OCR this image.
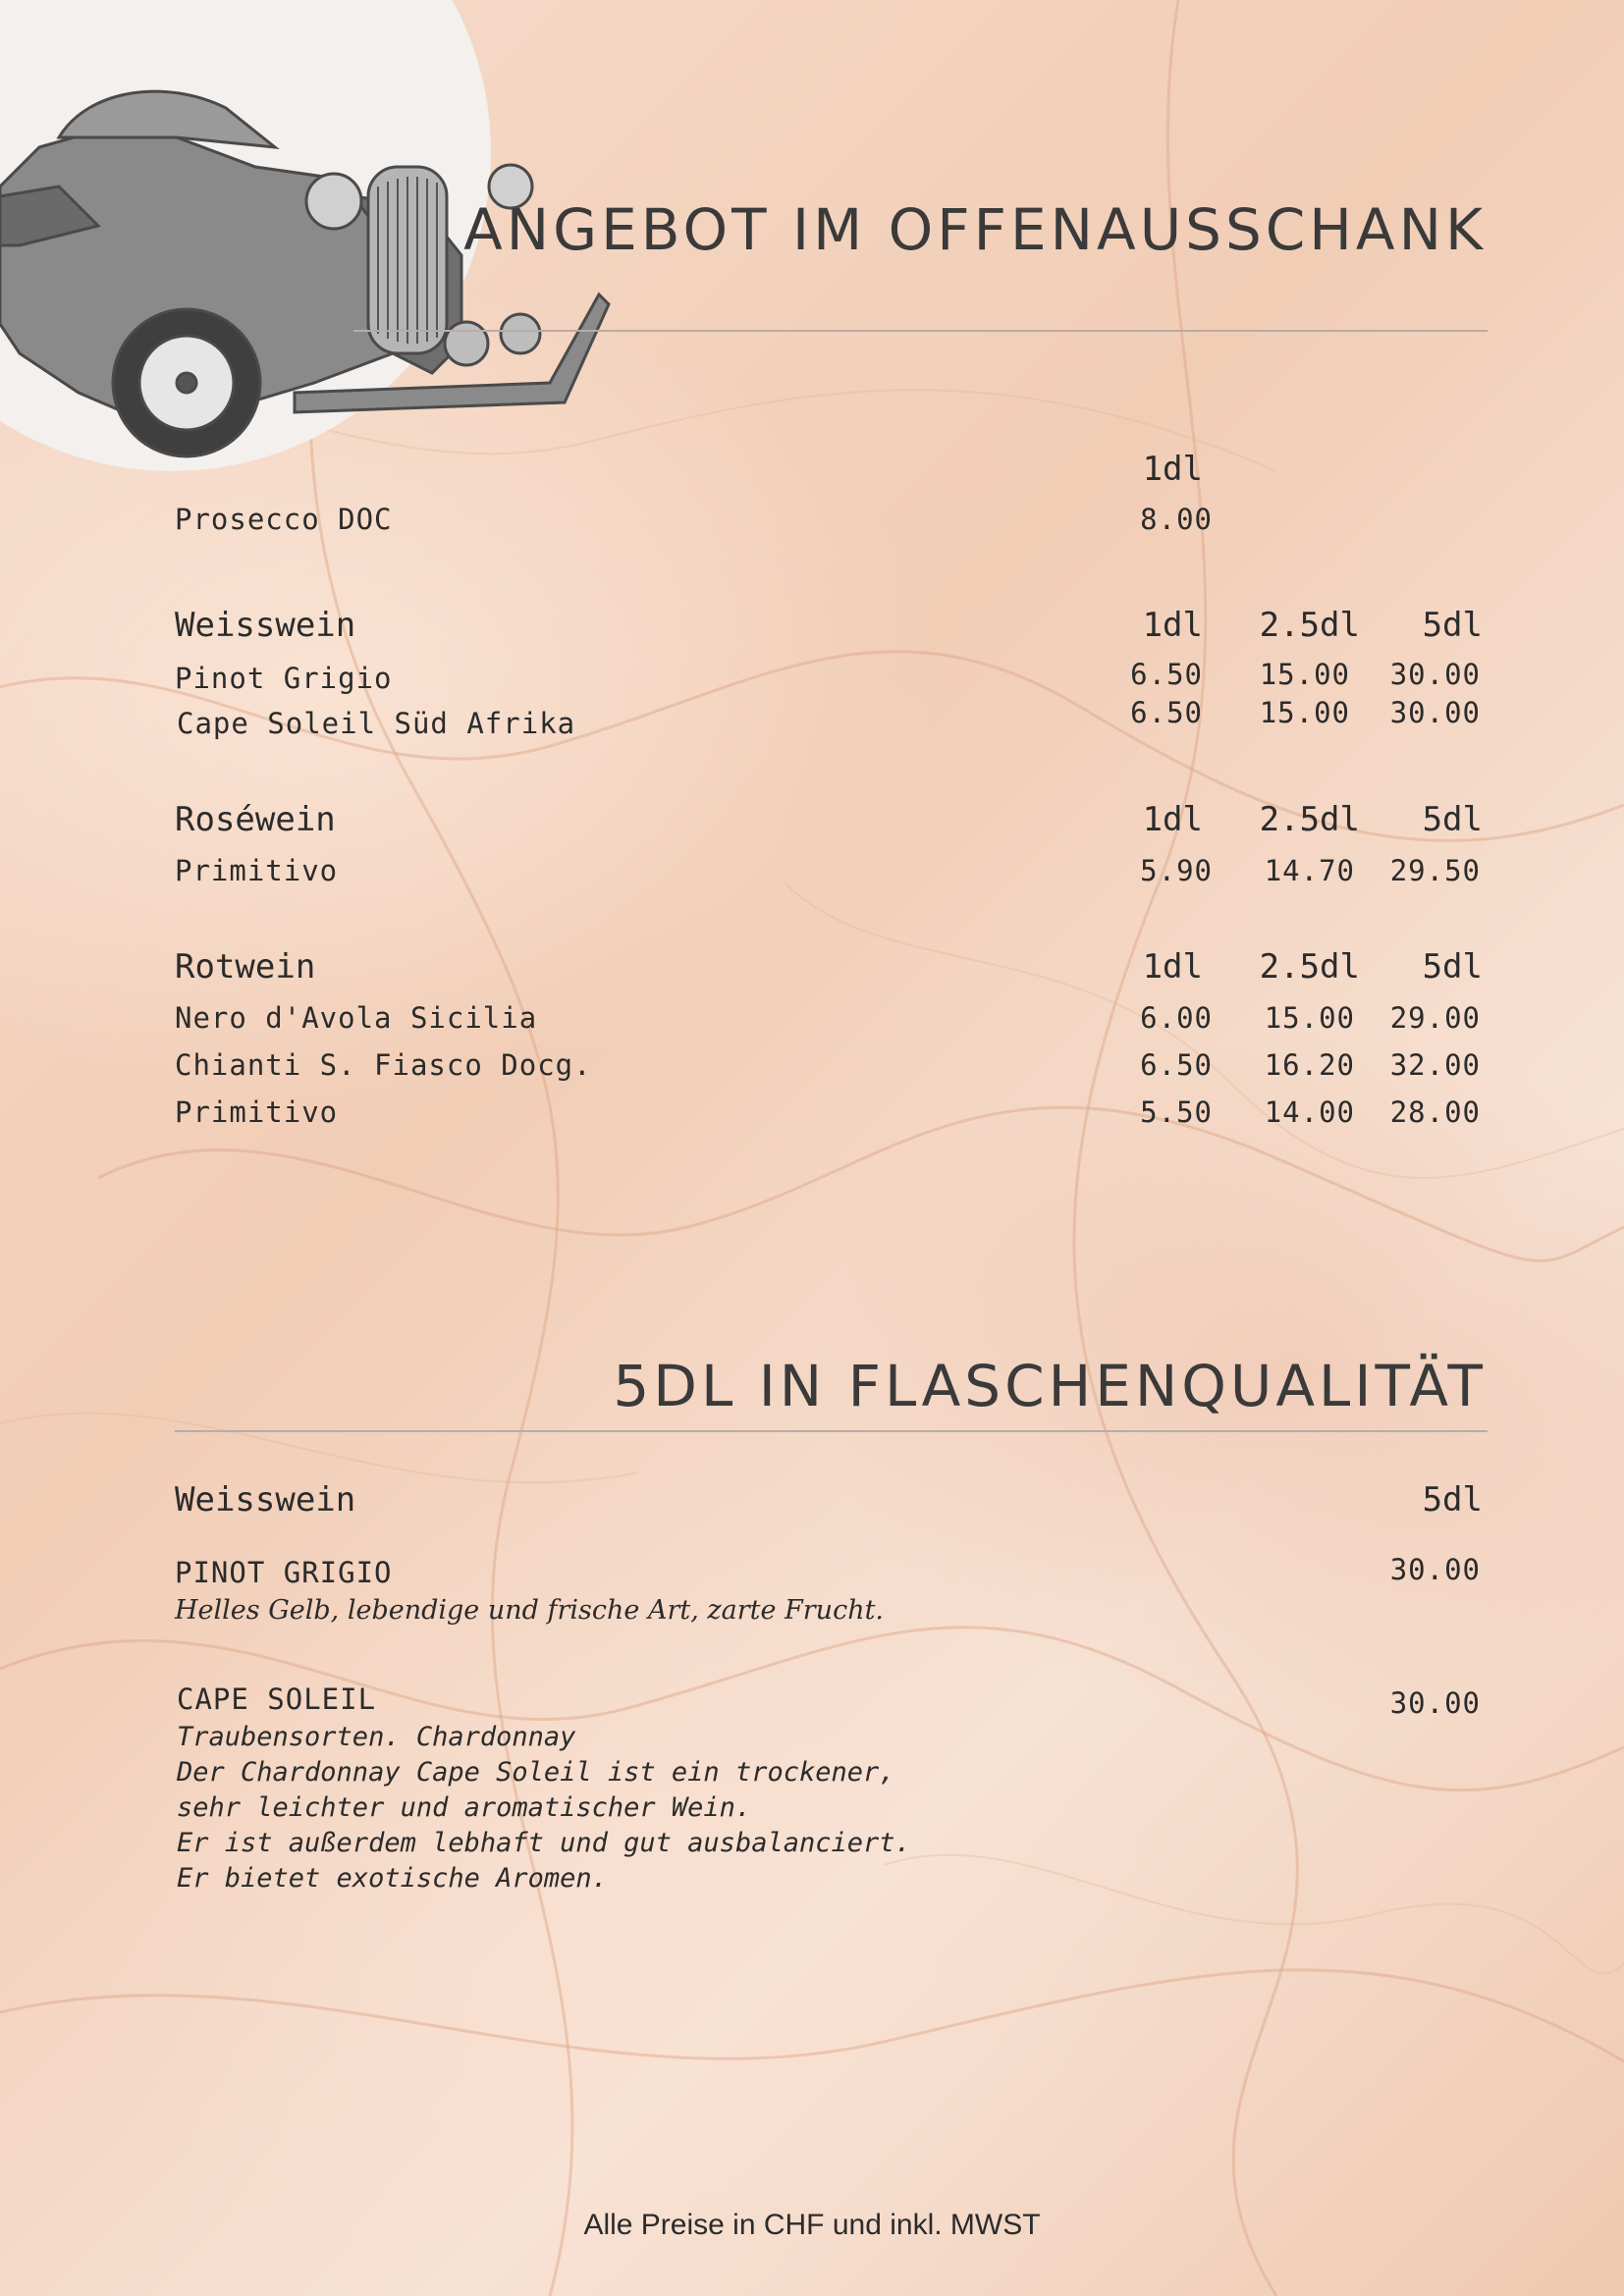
ANGEBOT IM OFFENAUSSCHANK
1dl
Prosecco DOC	8.00
Weisswein	1dl	2.5dl	5dl
Pinot Grigio	6.50	15.00	30.00
Cape Soleil Süd Afrika	6.50	15.00	30.00
Roséwein	1dl	2.5dl	5dl
Primitivo	5.90	14.70	29.50
Rotwein	1dl	2.5dl	5dl
Nero d'Avola Sicilia	6.00	15.00	29.00
Chianti S. Fiasco Docg.	6.50	16.20	32.00
Primitivo	5.50	14.00	28.00
5DL IN FLASCHENQUALITÄT
Weisswein	5dl
PINOT GRIGIO	30.00
Helles Gelb, lebendige und frische Art, zarte Frucht.
CAPE SOLEIL	30.00
Traubensorten. Chardonnay
Der Chardonnay Cape Soleil ist ein trockener,
sehr leichter und aromatischer Wein.
Er ist außerdem lebhaft und gut ausbalanciert.
Er bietet exotische Aromen.
Alle Preise in CHF und inkl. MWST
